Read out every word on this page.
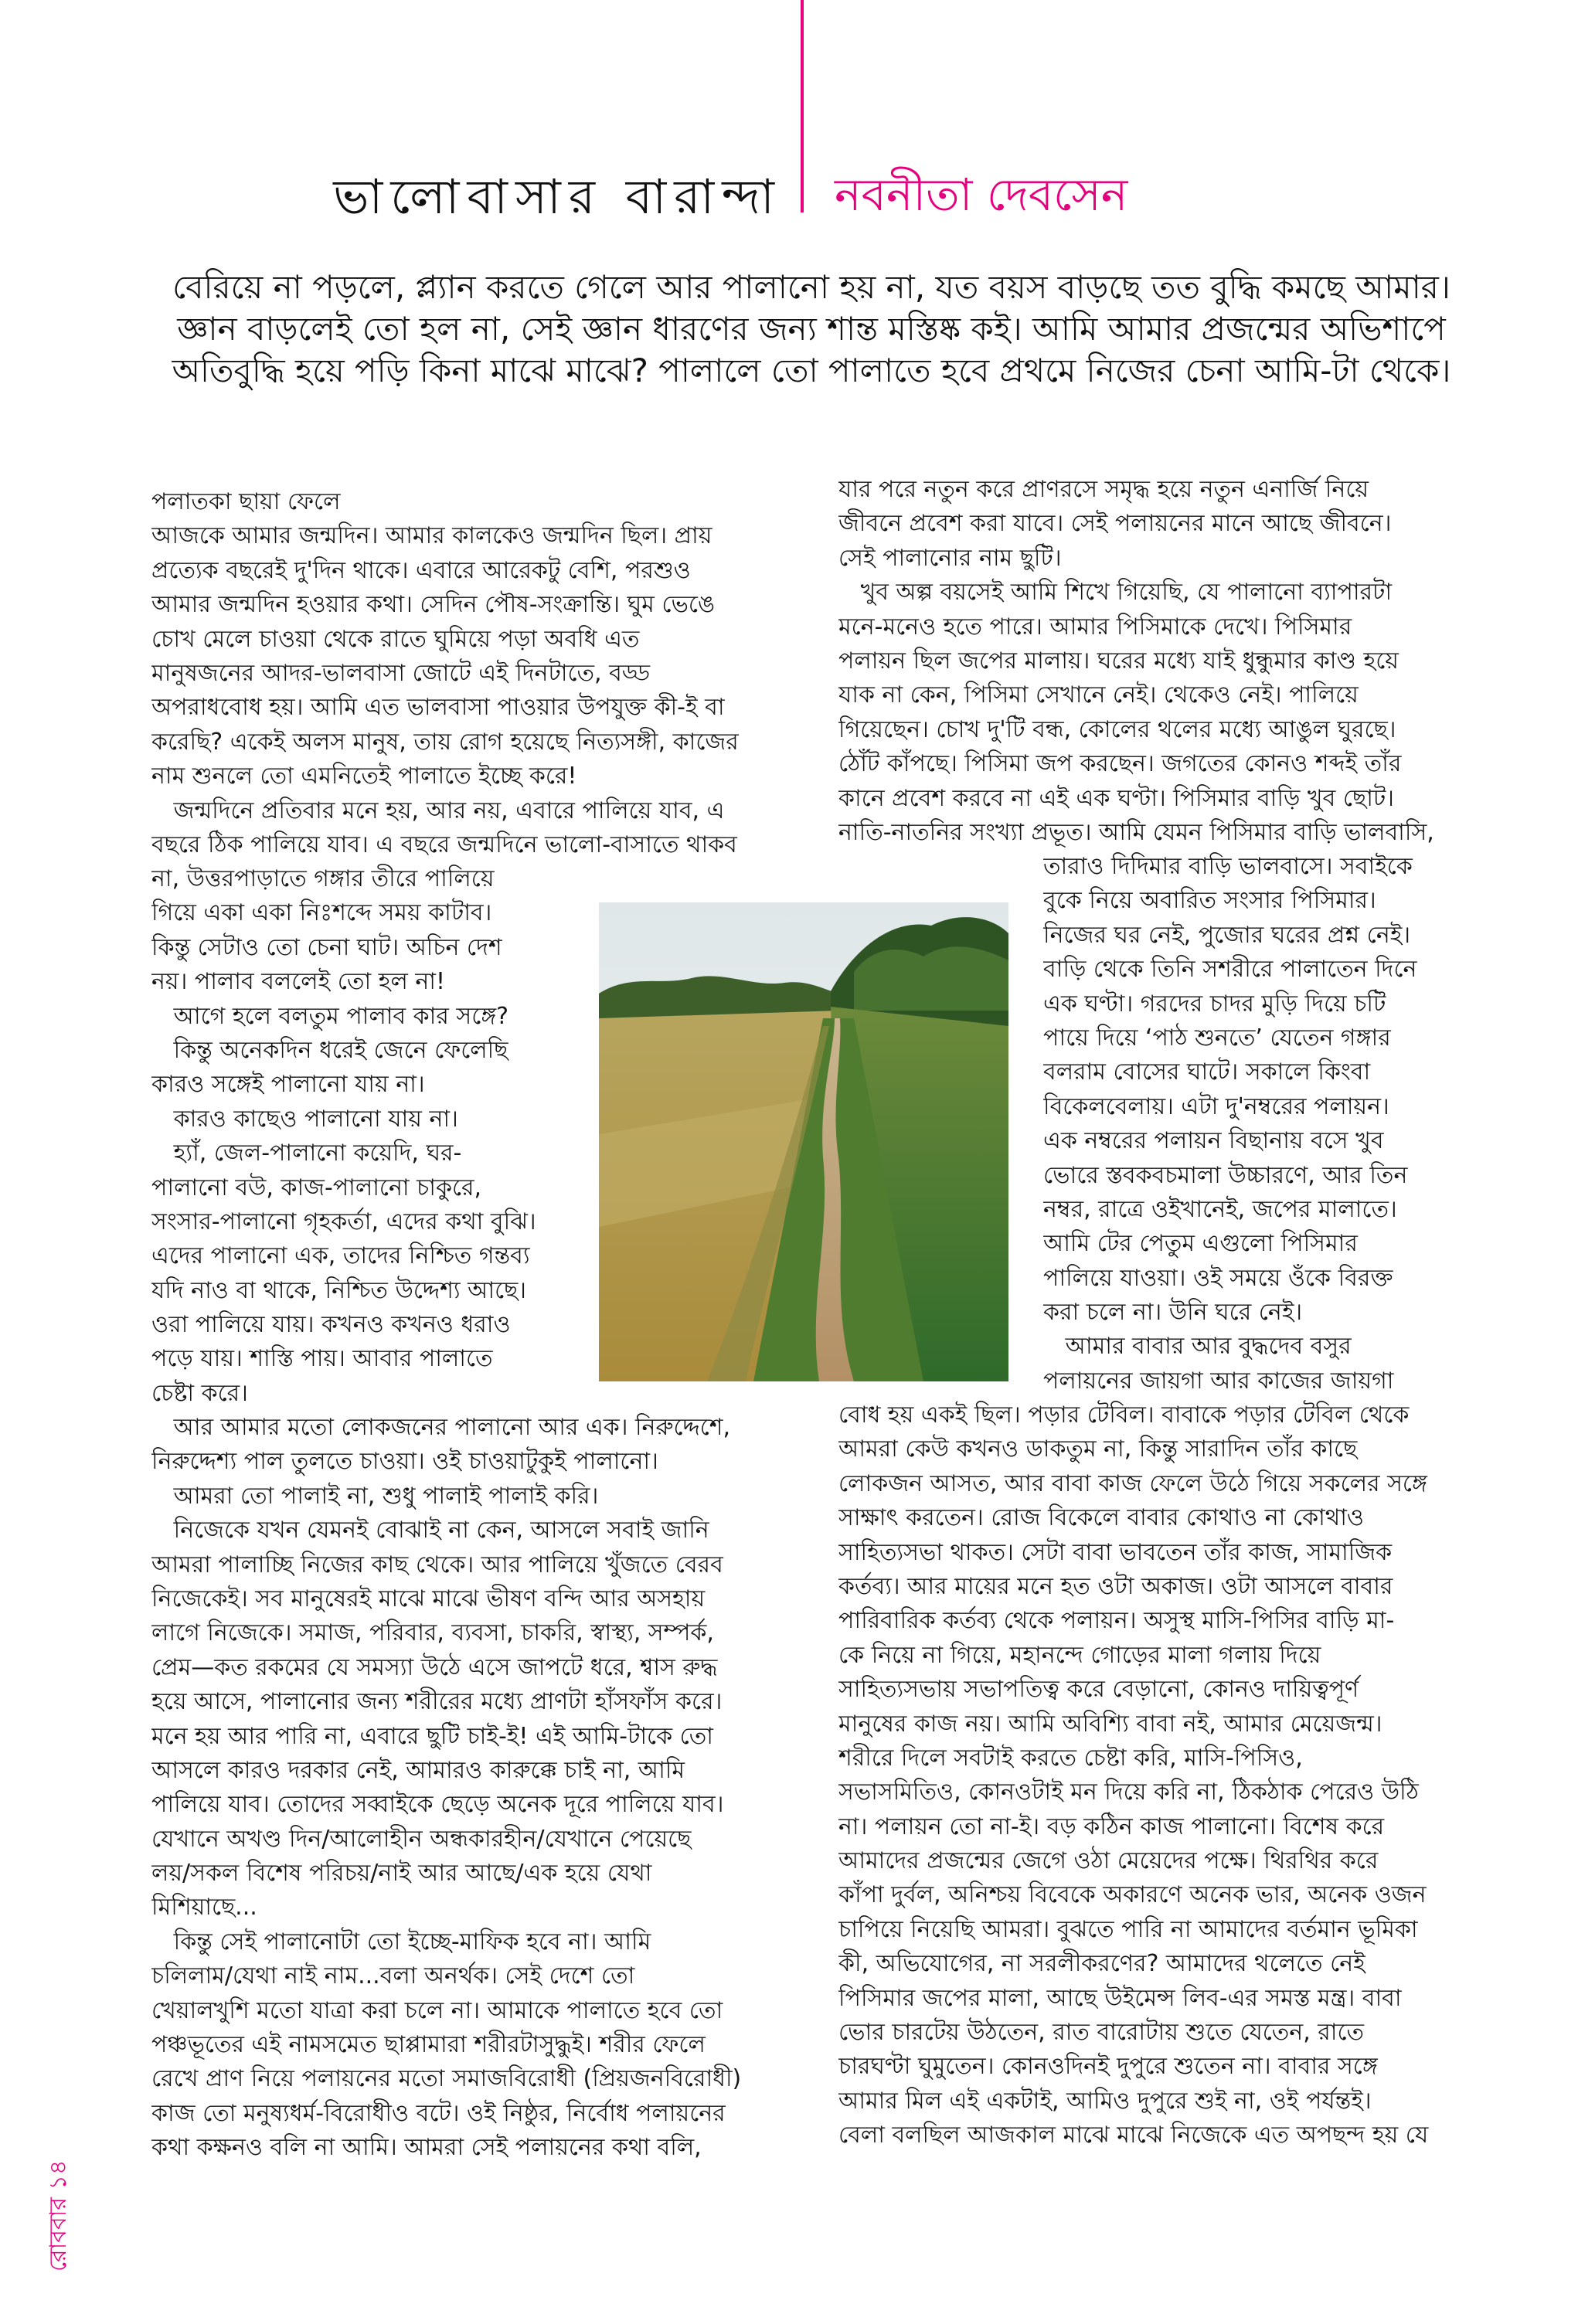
ভালোবাসার বারান্দা নবনীতা দেবসেন
বেরিয়ে না পড়লে, প্ল্যান করতে গেলে আর পালানো হয় না, যত বয়স বাড়ছে তত বুদ্ধি কমছে আমার।
জ্ঞান বাড়লেই তো হল না, সেই জ্ঞান ধারণের জন্য শান্ত মস্তিষ্ক কই। আমি আমার প্রজন্মের অভিশাপে
অতিবুদ্ধি হয়ে পড়ি কিনা মাঝে মাঝে? পালালে তো পালাতে হবে প্রথমে নিজের চেনা আমি-টা থেকে।
পলাতকা ছায়া ফেলে
আজকে আমার জন্মদিন। আমার কালকেও জন্মদিন ছিল। প্রায়
প্রত্যেক বছরেই দু'দিন থাকে। এবারে আরেকটু বেশি, পরশুও
আমার জন্মদিন হওয়ার কথা। সেদিন পৌষ-সংক্রান্তি। ঘুম ভেঙে
চোখ মেলে চাওয়া থেকে রাতে ঘুমিয়ে পড়া অবধি এত
মানুষজনের আদর-ভালবাসা জোটে এই দিনটাতে, বড্ড
অপরাধবোধ হয়। আমি এত ভালবাসা পাওয়ার উপযুক্ত কী-ই বা
করেছি? একেই অলস মানুষ, তায় রোগ হয়েছে নিত্যসঙ্গী, কাজের
নাম শুনলে তো এমনিতেই পালাতে ইচ্ছে করে!
জন্মদিনে প্রতিবার মনে হয়, আর নয়, এবারে পালিয়ে যাব, এ
বছরে ঠিক পালিয়ে যাব। এ বছরে জন্মদিনে ভালো-বাসাতে থাকব
না, উত্তরপাড়াতে গঙ্গার তীরে পালিয়ে
গিয়ে একা একা নিঃশব্দে সময় কাটাব।
কিন্তু সেটাও তো চেনা ঘাট। অচিন দেশ
নয়। পালাব বললেই তো হল না!
আগে হলে বলতুম পালাব কার সঙ্গে?
কিন্তু অনেকদিন ধরেই জেনে ফেলেছি
কারও সঙ্গেই পালানো যায় না।
কারও কাছেও পালানো যায় না।
হ্যাঁ, জেল-পালানো কয়েদি, ঘর-
পালানো বউ, কাজ-পালানো চাকুরে,
সংসার-পালানো গৃহকর্তা, এদের কথা বুঝি।
এদের পালানো এক, তাদের নিশ্চিত গন্তব্য
যদি নাও বা থাকে, নিশ্চিত উদ্দেশ্য আছে।
ওরা পালিয়ে যায়। কখনও কখনও ধরাও
পড়ে যায়। শাস্তি পায়। আবার পালাতে
চেষ্টা করে।
আর আমার মতো লোকজনের পালানো আর এক। নিরুদ্দেশে,
নিরুদ্দেশ্য পাল তুলতে চাওয়া। ওই চাওয়াটুকুই পালানো।
আমরা তো পালাই না, শুধু পালাই পালাই করি।
নিজেকে যখন যেমনই বোঝাই না কেন, আসলে সবাই জানি
আমরা পালাচ্ছি নিজের কাছ থেকে। আর পালিয়ে খুঁজতে বেরব
নিজেকেই। সব মানুষেরই মাঝে মাঝে ভীষণ বন্দি আর অসহায়
লাগে নিজেকে। সমাজ, পরিবার, ব্যবসা, চাকরি, স্বাস্থ্য, সম্পর্ক,
প্রেম—কত রকমের যে সমস্যা উঠে এসে জাপটে ধরে, শ্বাস রুদ্ধ
হয়ে আসে, পালানোর জন্য শরীরের মধ্যে প্রাণটা হাঁসফাঁস করে।
মনে হয় আর পারি না, এবারে ছুটি চাই-ই! এই আমি-টাকে তো
আসলে কারও দরকার নেই, আমারও কারুক্কে চাই না, আমি
পালিয়ে যাব। তোদের সব্বাইকে ছেড়ে অনেক দূরে পালিয়ে যাব।
যেখানে অখণ্ড দিন/আলোহীন অন্ধকারহীন/যেখানে পেয়েছে
লয়/সকল বিশেষ পরিচয়/নাই আর আছে/এক হয়ে যেথা
মিশিয়াছে...
কিন্তু সেই পালানোটা তো ইচ্ছে-মাফিক হবে না। আমি
চলিলাম/যেথা নাই নাম...বলা অনর্থক। সেই দেশে তো
খেয়ালখুশি মতো যাত্রা করা চলে না। আমাকে পালাতে হবে তো
পঞ্চভূতের এই নামসমেত ছাপ্পামারা শরীরটাসুদ্ধুই। শরীর ফেলে
রেখে প্রাণ নিয়ে পলায়নের মতো সমাজবিরোধী (প্রিয়জনবিরোধী)
কাজ তো মনুষ্যধর্ম-বিরোধীও বটে। ওই নিষ্ঠুর, নির্বোধ পলায়নের
কথা কক্ষনও বলি না আমি। আমরা সেই পলায়নের কথা বলি,
যার পরে নতুন করে প্রাণরসে সমৃদ্ধ হয়ে নতুন এনার্জি নিয়ে
জীবনে প্রবেশ করা যাবে। সেই পলায়নের মানে আছে জীবনে।
সেই পালানোর নাম ছুটি।
খুব অল্প বয়সেই আমি শিখে গিয়েছি, যে পালানো ব্যাপারটা
মনে-মনেও হতে পারে। আমার পিসিমাকে দেখে। পিসিমার
পলায়ন ছিল জপের মালায়। ঘরের মধ্যে যাই ধুন্ধুমার কাণ্ড হয়ে
যাক না কেন, পিসিমা সেখানে নেই। থেকেও নেই। পালিয়ে
গিয়েছেন। চোখ দু'টি বন্ধ, কোলের থলের মধ্যে আঙুল ঘুরছে।
ঠোঁট কাঁপছে। পিসিমা জপ করছেন। জগতের কোনও শব্দই তাঁর
কানে প্রবেশ করবে না এই এক ঘণ্টা। পিসিমার বাড়ি খুব ছোট।
নাতি-নাতনির সংখ্যা প্রভূত। আমি যেমন পিসিমার বাড়ি ভালবাসি,
তারাও দিদিমার বাড়ি ভালবাসে। সবাইকে
বুকে নিয়ে অবারিত সংসার পিসিমার।
নিজের ঘর নেই, পুজোর ঘরের প্রশ্ন নেই।
বাড়ি থেকে তিনি সশরীরে পালাতেন দিনে
এক ঘণ্টা। গরদের চাদর মুড়ি দিয়ে চটি
পায়ে দিয়ে ‘পাঠ শুনতে’ যেতেন গঙ্গার
বলরাম বোসের ঘাটে। সকালে কিংবা
বিকেলবেলায়। এটা দু'নম্বরের পলায়ন।
এক নম্বরের পলায়ন বিছানায় বসে খুব
ভোরে স্তবকবচমালা উচ্চারণে, আর তিন
নম্বর, রাত্রে ওইখানেই, জপের মালাতে।
আমি টের পেতুম এগুলো পিসিমার
পালিয়ে যাওয়া। ওই সময়ে ওঁকে বিরক্ত
করা চলে না। উনি ঘরে নেই।
আমার বাবার আর বুদ্ধদেব বসুর
পলায়নের জায়গা আর কাজের জায়গা
বোধ হয় একই ছিল। পড়ার টেবিল। বাবাকে পড়ার টেবিল থেকে
আমরা কেউ কখনও ডাকতুম না, কিন্তু সারাদিন তাঁর কাছে
লোকজন আসত, আর বাবা কাজ ফেলে উঠে গিয়ে সকলের সঙ্গে
সাক্ষাৎ করতেন। রোজ বিকেলে বাবার কোথাও না কোথাও
সাহিত্যসভা থাকত। সেটা বাবা ভাবতেন তাঁর কাজ, সামাজিক
কর্তব্য। আর মায়ের মনে হত ওটা অকাজ। ওটা আসলে বাবার
পারিবারিক কর্তব্য থেকে পলায়ন। অসুস্থ মাসি-পিসির বাড়ি মা-
কে নিয়ে না গিয়ে, মহানন্দে গোড়ের মালা গলায় দিয়ে
সাহিত্যসভায় সভাপতিত্ব করে বেড়ানো, কোনও দায়িত্বপূর্ণ
মানুষের কাজ নয়। আমি অবিশ্যি বাবা নই, আমার মেয়েজন্ম।
শরীরে দিলে সবটাই করতে চেষ্টা করি, মাসি-পিসিও,
সভাসমিতিও, কোনওটাই মন দিয়ে করি না, ঠিকঠাক পেরেও উঠি
না। পলায়ন তো না-ই। বড় কঠিন কাজ পালানো। বিশেষ করে
আমাদের প্রজন্মের জেগে ওঠা মেয়েদের পক্ষে। থিরথির করে
কাঁপা দুর্বল, অনিশ্চয় বিবেকে অকারণে অনেক ভার, অনেক ওজন
চাপিয়ে নিয়েছি আমরা। বুঝতে পারি না আমাদের বর্তমান ভূমিকা
কী, অভিযোগের, না সরলীকরণের? আমাদের থলেতে নেই
পিসিমার জপের মালা, আছে উইমেন্স লিব-এর সমস্ত মন্ত্র। বাবা
ভোর চারটেয় উঠতেন, রাত বারোটায় শুতে যেতেন, রাতে
চারঘণ্টা ঘুমুতেন। কোনওদিনই দুপুরে শুতেন না। বাবার সঙ্গে
আমার মিল এই একটাই, আমিও দুপুরে শুই না, ওই পর্যন্তই।
বেলা বলছিল আজকাল মাঝে মাঝে নিজেকে এত অপছন্দ হয় যে
রোববার ১৪
